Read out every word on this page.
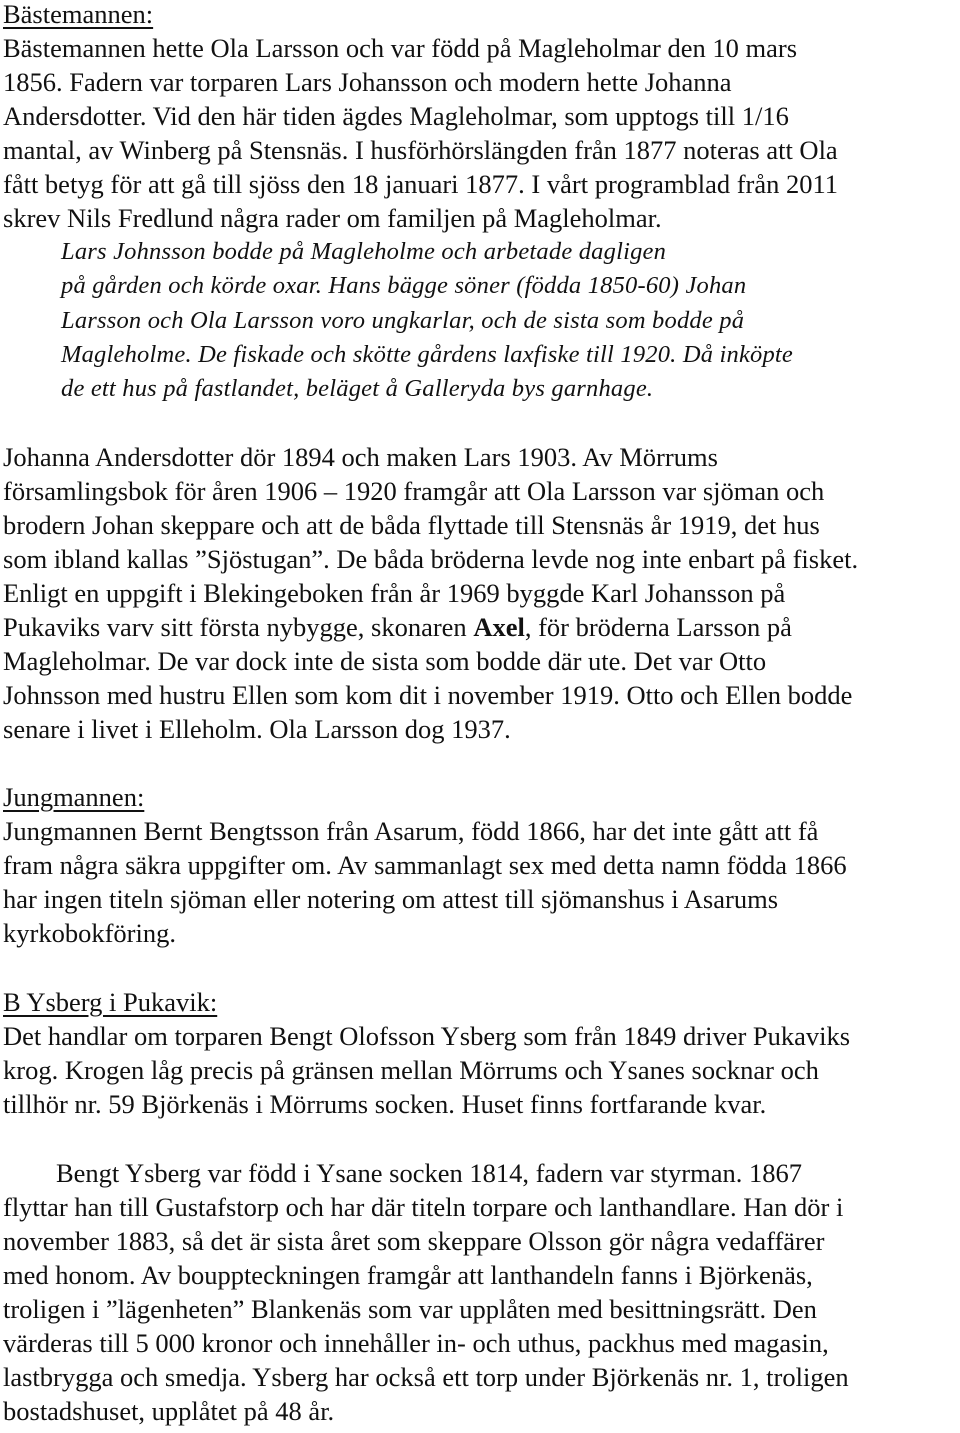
Bästemannen:

Bästemannen hette Ola Larsson och var född på Magleholmar den 10 mars

1856. Fadern var torparen Lars Johansson och modern hette Johanna

Andersdotter. Vid den här tiden ägdes Magleholmar, som upptogs till 1/16

mantal, av Winberg på Stensnäs. I husförhörslängden från 1877 noteras att Ola

fått betyg för att gå till sjöss den 18 januari 1877. I vårt programblad från 2011

skrev Nils Fredlund några rader om familjen på Magleholmar.

Lars Johnsson bodde på Magleholme och arbetade dagligen

på gården och körde oxar. Hans bägge söner (födda 1850-60) Johan

Larsson och Ola Larsson voro ungkarlar, och de sista som bodde på

Magleholme. De fiskade och skötte gårdens laxfiske till 1920. Då inköpte

de ett hus på fastlandet, beläget å Galleryda bys garnhage.

Johanna Andersdotter dör 1894 och maken Lars 1903. Av Mörrums

församlingsbok för åren 1906 – 1920 framgår att Ola Larsson var sjöman och

brodern Johan skeppare och att de båda flyttade till Stensnäs år 1919, det hus

som ibland kallas ”Sjöstugan”. De båda bröderna levde nog inte enbart på fisket.

Enligt en uppgift i Blekingeboken från år 1969 byggde Karl Johansson på

Pukaviks varv sitt första nybygge, skonaren Axel, för bröderna Larsson på

Magleholmar. De var dock inte de sista som bodde där ute. Det var Otto

Johnsson med hustru Ellen som kom dit i november 1919. Otto och Ellen bodde

senare i livet i Elleholm. Ola Larsson dog 1937.

Jungmannen:

Jungmannen Bernt Bengtsson från Asarum, född 1866, har det inte gått att få

fram några säkra uppgifter om. Av sammanlagt sex med detta namn födda 1866

har ingen titeln sjöman eller notering om attest till sjömanshus i Asarums

kyrkobokföring.

B Ysberg i Pukavik:

Det handlar om torparen Bengt Olofsson Ysberg som från 1849 driver Pukaviks

krog. Krogen låg precis på gränsen mellan Mörrums och Ysanes socknar och

tillhör nr. 59 Björkenäs i Mörrums socken. Huset finns fortfarande kvar.

Bengt Ysberg var född i Ysane socken 1814, fadern var styrman. 1867

flyttar han till Gustafstorp och har där titeln torpare och lanthandlare. Han dör i

november 1883, så det är sista året som skeppare Olsson gör några vedaffärer

med honom. Av bouppteckningen framgår att lanthandeln fanns i Björkenäs,

troligen i ”lägenheten” Blankenäs som var upplåten med besittningsrätt. Den

värderas till 5 000 kronor och innehåller in- och uthus, packhus med magasin,

lastbrygga och smedja. Ysberg har också ett torp under Björkenäs nr. 1, troligen

bostadshuset, upplåtet på 48 år.
